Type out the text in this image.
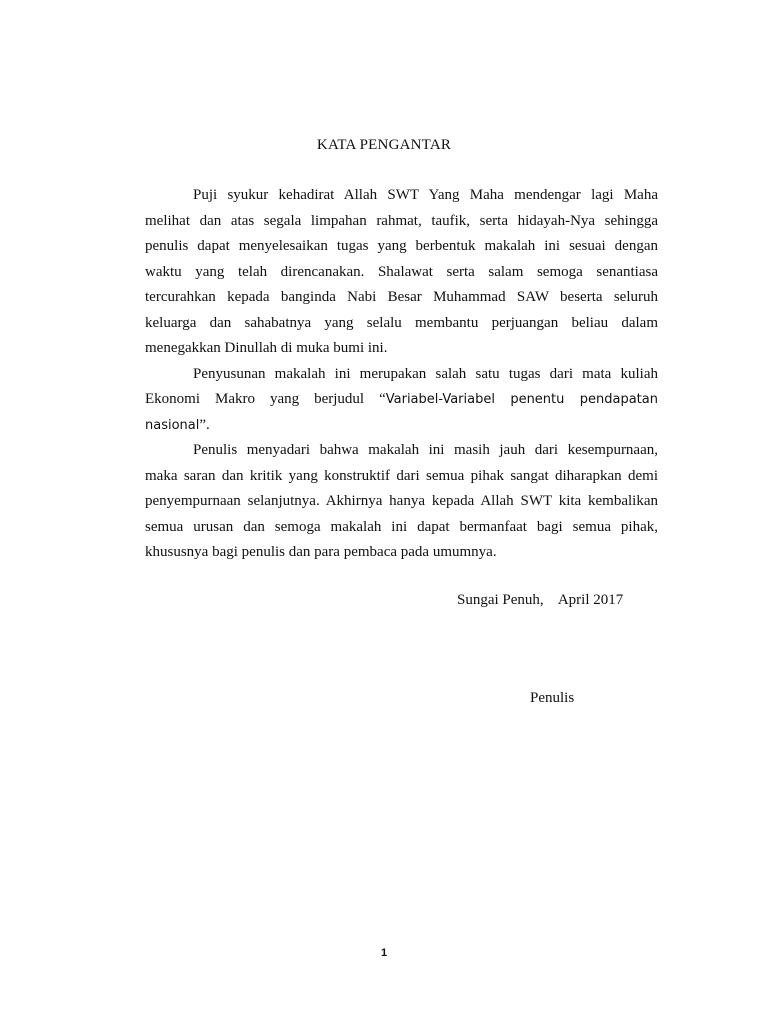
KATA PENGANTAR

Puji syukur kehadirat Allah SWT Yang Maha mendengar lagi Maha
melihat dan atas segala limpahan rahmat, taufik, serta hidayah-Nya sehingga
penulis dapat menyelesaikan tugas yang berbentuk makalah ini sesuai dengan
waktu yang telah direncanakan. Shalawat serta salam semoga senantiasa
tercurahkan kepada banginda Nabi Besar Muhammad SAW beserta seluruh
keluarga dan sahabatnya yang selalu membantu perjuangan beliau dalam
menegakkan Dinullah di muka bumi ini.

Penyusunan makalah ini merupakan salah satu tugas dari mata kuliah
Ekonomi Makro yang berjudul “Variabel-Variabel penentu pendapatan nasional”.

Penulis menyadari bahwa makalah ini masih jauh dari kesempurnaan,
maka saran dan kritik yang konstruktif dari semua pihak sangat diharapkan demi
penyempurnaan selanjutnya. Akhirnya hanya kepada Allah SWT kita kembalikan
semua urusan dan semoga makalah ini dapat bermanfaat bagi semua pihak,
khususnya bagi penulis dan para pembaca pada umumnya.

Sungai Penuh,    April 2017
Penulis
1
